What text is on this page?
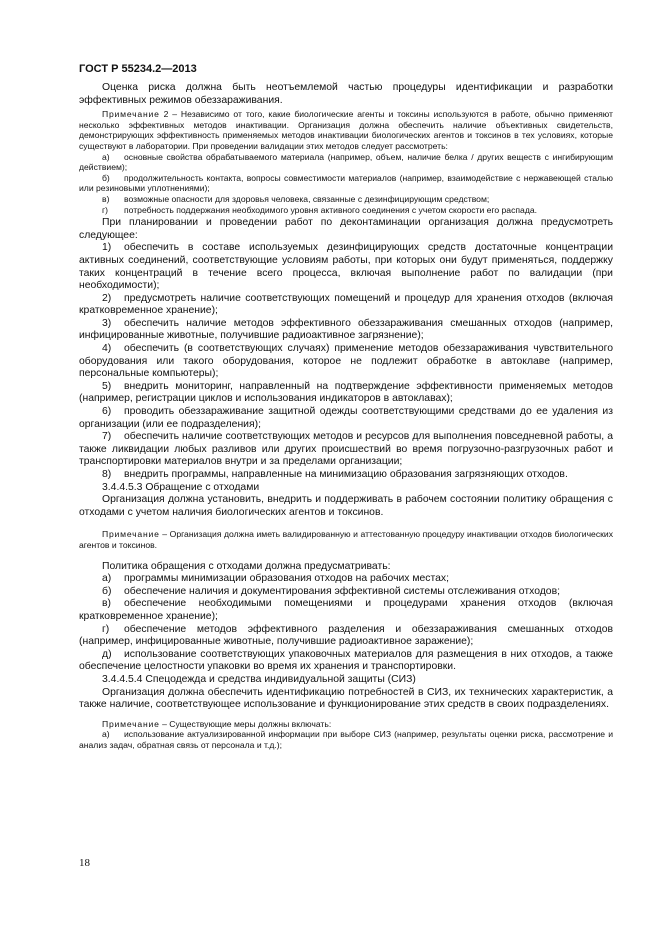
ГОСТ Р 55234.2—2013

Оценка риска должна быть неотъемлемой частью процедуры идентификации и разработки эффективных режимов обеззараживания.

Примечание 2 – Независимо от того, какие биологические агенты и токсины используются в работе, обычно применяют несколько эффективных методов инактивации. Организация должна обеспечить наличие объективных свидетельств, демонстрирующих эффективность применяемых методов инактивации биологических агентов и токсинов в тех условиях, которые существуют в лаборатории. При проведении валидации этих методов следует рассмотреть:

а) основные свойства обрабатываемого материала (например, объем, наличие белка / других веществ с ингибирующим действием);

б) продолжительность контакта, вопросы совместимости материалов (например, взаимодействие с нержавеющей сталью или резиновыми уплотнениями);

в) возможные опасности для здоровья человека, связанные с дезинфицирующим средством;

г) потребность поддержания необходимого уровня активного соединения с учетом скорости его распада.

При планировании и проведении работ по деконтаминации организация должна предусмотреть следующее:

1) обеспечить в составе используемых дезинфицирующих средств достаточные концентрации активных соединений, соответствующие условиям работы, при которых они будут применяться, поддержку таких концентраций в течение всего процесса, включая выполнение работ по валидации (при необходимости);

2) предусмотреть наличие соответствующих помещений и процедур для хранения отходов (включая кратковременное хранение);

3) обеспечить наличие методов эффективного обеззараживания смешанных отходов (например, инфицированные животные, получившие радиоактивное загрязнение);

4) обеспечить (в соответствующих случаях) применение методов обеззараживания чувствительного оборудования или такого оборудования, которое не подлежит обработке в автоклаве (например, персональные компьютеры);

5) внедрить мониторинг, направленный на подтверждение эффективности применяемых методов (например, регистрации циклов и использования индикаторов в автоклавах);

6) проводить обеззараживание защитной одежды соответствующими средствами до ее удаления из организации (или ее подразделения);

7) обеспечить наличие соответствующих методов и ресурсов для выполнения повседневной работы, а также ликвидации любых разливов или других происшествий во время погрузочно-разгрузочных работ и транспортировки материалов внутри и за пределами организации;

8) внедрить программы, направленные на минимизацию образования загрязняющих отходов.

3.4.4.5.3 Обращение с отходами

Организация должна установить, внедрить и поддерживать в рабочем состоянии политику обращения с отходами с учетом наличия биологических агентов и токсинов.

Примечание – Организация должна иметь валидированную и аттестованную процедуру инактивации отходов биологических агентов и токсинов.

Политика обращения с отходами должна предусматривать:

а) программы минимизации образования отходов на рабочих местах;

б) обеспечение наличия и документирования эффективной системы отслеживания отходов;

в) обеспечение необходимыми помещениями и процедурами хранения отходов (включая кратковременное хранение);

г) обеспечение методов эффективного разделения и обеззараживания смешанных отходов (например, инфицированные животные, получившие радиоактивное заражение);

д) использование соответствующих упаковочных материалов для размещения в них отходов, а также обеспечение целостности упаковки во время их хранения и транспортировки.

3.4.4.5.4 Спецодежда и средства индивидуальной защиты (СИЗ)

Организация должна обеспечить идентификацию потребностей в СИЗ, их технических характеристик, а также наличие, соответствующее использование и функционирование этих средств в своих подразделениях.

Примечание – Существующие меры должны включать:

а) использование актуализированной информации при выборе СИЗ (например, результаты оценки риска, рассмотрение и анализ задач, обратная связь от персонала и т.д.);

18
